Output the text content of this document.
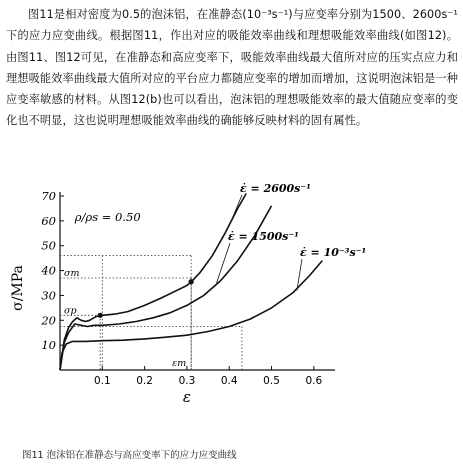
图11是相对密度为0.5的泡沫铝，在准静态(10⁻³s⁻¹)与应变率分别为1500、2600s⁻¹下的应力应变曲线。根据图11，作出对应的吸能效率曲线和理想吸能效率曲线(如图12)。由图11、图12可见，在准静态和高应变率下，吸能效率曲线最大值所对应的压实点应力和理想吸能效率曲线最大值所对应的平台应力都随应变率的增加而增加，这说明泡沫铝是一种应变率敏感的材料。从图12(b)也可以看出，泡沫铝的理想吸能效率的最大值随应变率的变化也不明显，这也说明理想吸能效率曲线的确能够反映材料的固有属性。
0.1 0.2 0.3 0.4 0.5 0.6
10
20
30
40
50
60
70
ε
σ/MPa
ρ/ρs = 0.50
σm
σp
εm
ε̇ = 2600s⁻¹
ε̇ = 1500s⁻¹
ε̇ = 10⁻³s⁻¹
图11 泡沫铝在准静态与高应变率下的应力应变曲线
